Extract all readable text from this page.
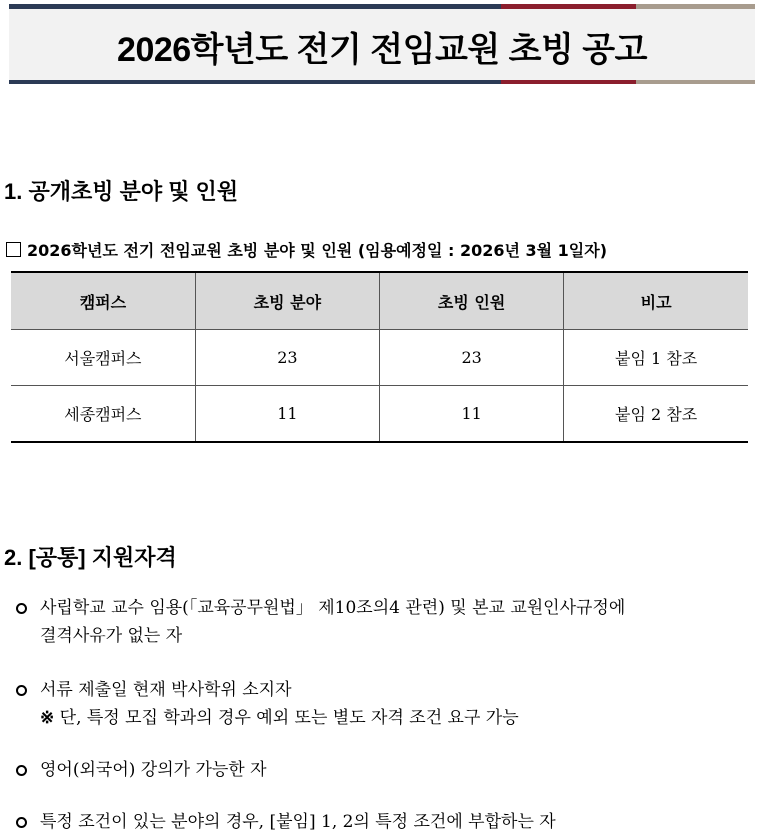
2026학년도 전기 전임교원 초빙 공고
1. 공개초빙 분야 및 인원
2026학년도 전기 전임교원 초빙 분야 및 인원 (임용예정일 : 2026년 3월 1일자)
캠퍼스	초빙 분야	초빙 인원	비고
서울캠퍼스	23	23	붙임 1 참조
세종캠퍼스	11	11	붙임 2 참조
2. [공통] 지원자격
사립학교 교수 임용(「교육공무원법」 제10조의4 관련) 및 본교 교원인사규정에
결격사유가 없는 자
서류 제출일 현재 박사학위 소지자
※ 단, 특정 모집 학과의 경우 예외 또는 별도 자격 조건 요구 가능
영어(외국어) 강의가 가능한 자
특정 조건이 있는 분야의 경우, [붙임] 1, 2의 특정 조건에 부합하는 자
